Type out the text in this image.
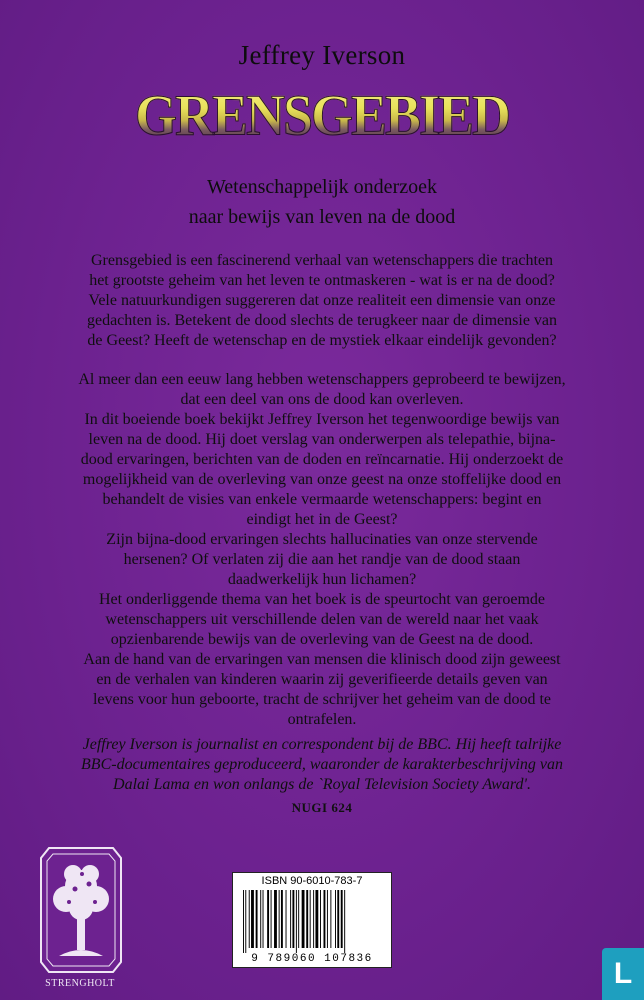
Jeffrey Iverson
GRENSGEBIED
Wetenschappelijk onderzoek
naar bewijs van leven na de dood

Grensgebied is een fascinerend verhaal van wetenschappers die trachten

het grootste geheim van het leven te ontmaskeren - wat is er na de dood?

Vele natuurkundigen suggereren dat onze realiteit een dimensie van onze

gedachten is. Betekent de dood slechts de terugkeer naar de dimensie van

de Geest? Heeft de wetenschap en de mystiek elkaar eindelijk gevonden?

Al meer dan een eeuw lang hebben wetenschappers geprobeerd te bewijzen,

dat een deel van ons de dood kan overleven.

In dit boeiende boek bekijkt Jeffrey Iverson het tegenwoordige bewijs van

leven na de dood. Hij doet verslag van onderwerpen als telepathie, bijna-

dood ervaringen, berichten van de doden en reïncarnatie. Hij onderzoekt de

mogelijkheid van de overleving van onze geest na onze stoffelijke dood en

behandelt de visies van enkele vermaarde wetenschappers: begint en

eindigt het in de Geest?

Zijn bijna-dood ervaringen slechts hallucinaties van onze stervende

hersenen? Of verlaten zij die aan het randje van de dood staan

daadwerkelijk hun lichamen?

Het onderliggende thema van het boek is de speurtocht van geroemde

wetenschappers uit verschillende delen van de wereld naar het vaak

opzienbarende bewijs van de overleving van de Geest na de dood.

Aan de hand van de ervaringen van mensen die klinisch dood zijn geweest

en de verhalen van kinderen waarin zij geverifieerde details geven van

levens voor hun geboorte, tracht de schrijver het geheim van de dood te

ontrafelen.

Jeffrey Iverson is journalist en correspondent bij de BBC. Hij heeft talrijke

BBC-documentaires geproduceerd, waaronder de karakterbeschrijving van

Dalai Lama en won onlangs de `Royal Television Society Award'.

NUGI 624
ISBN 90-6010-783-7
9 789060 107836
STRENGHOLT	L
